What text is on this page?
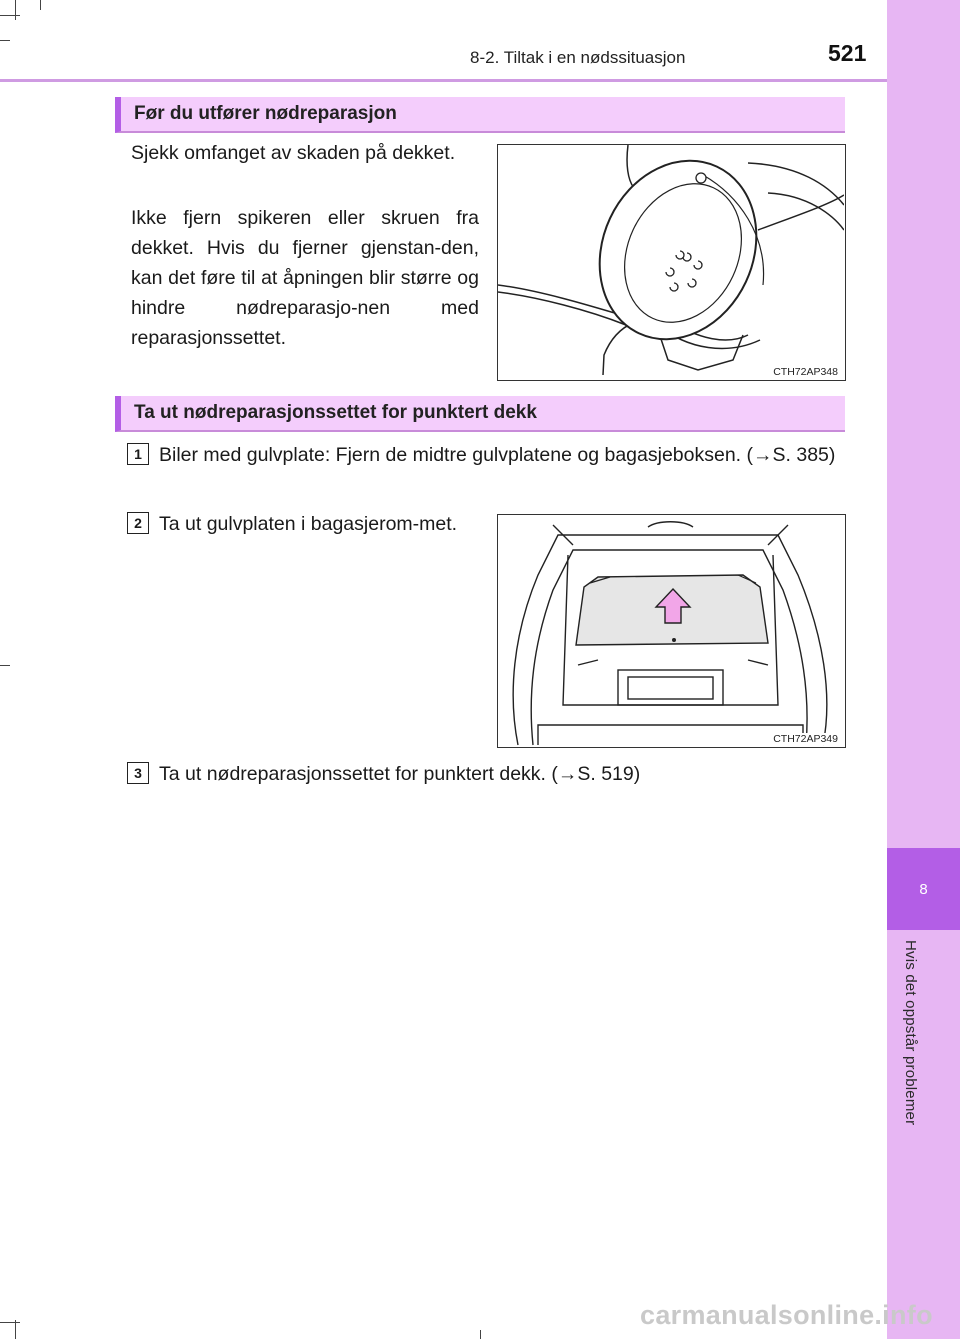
8
Hvis det oppstår problemer
8-2. Tiltak i en nødssituasjon	521
Før du utfører nødreparasjon
Sjekk omfanget av skaden på dekket.
Ikke fjern spikeren eller skruen fra dekket. Hvis du fjerner gjenstan-den, kan det føre til at åpningen blir større og hindre nødreparasjo-nen med reparasjonssettet.
CTH72AP348
Ta ut nødreparasjonssettet for punktert dekk
1 Biler med gulvplate: Fjern de midtre gulvplatene og bagasjeboksen. (→S. 385)
2 Ta ut gulvplaten i bagasjerom-met.
CTH72AP349
3 Ta ut nødreparasjonssettet for punktert dekk. (→S. 519)
carmanualsonline.info
